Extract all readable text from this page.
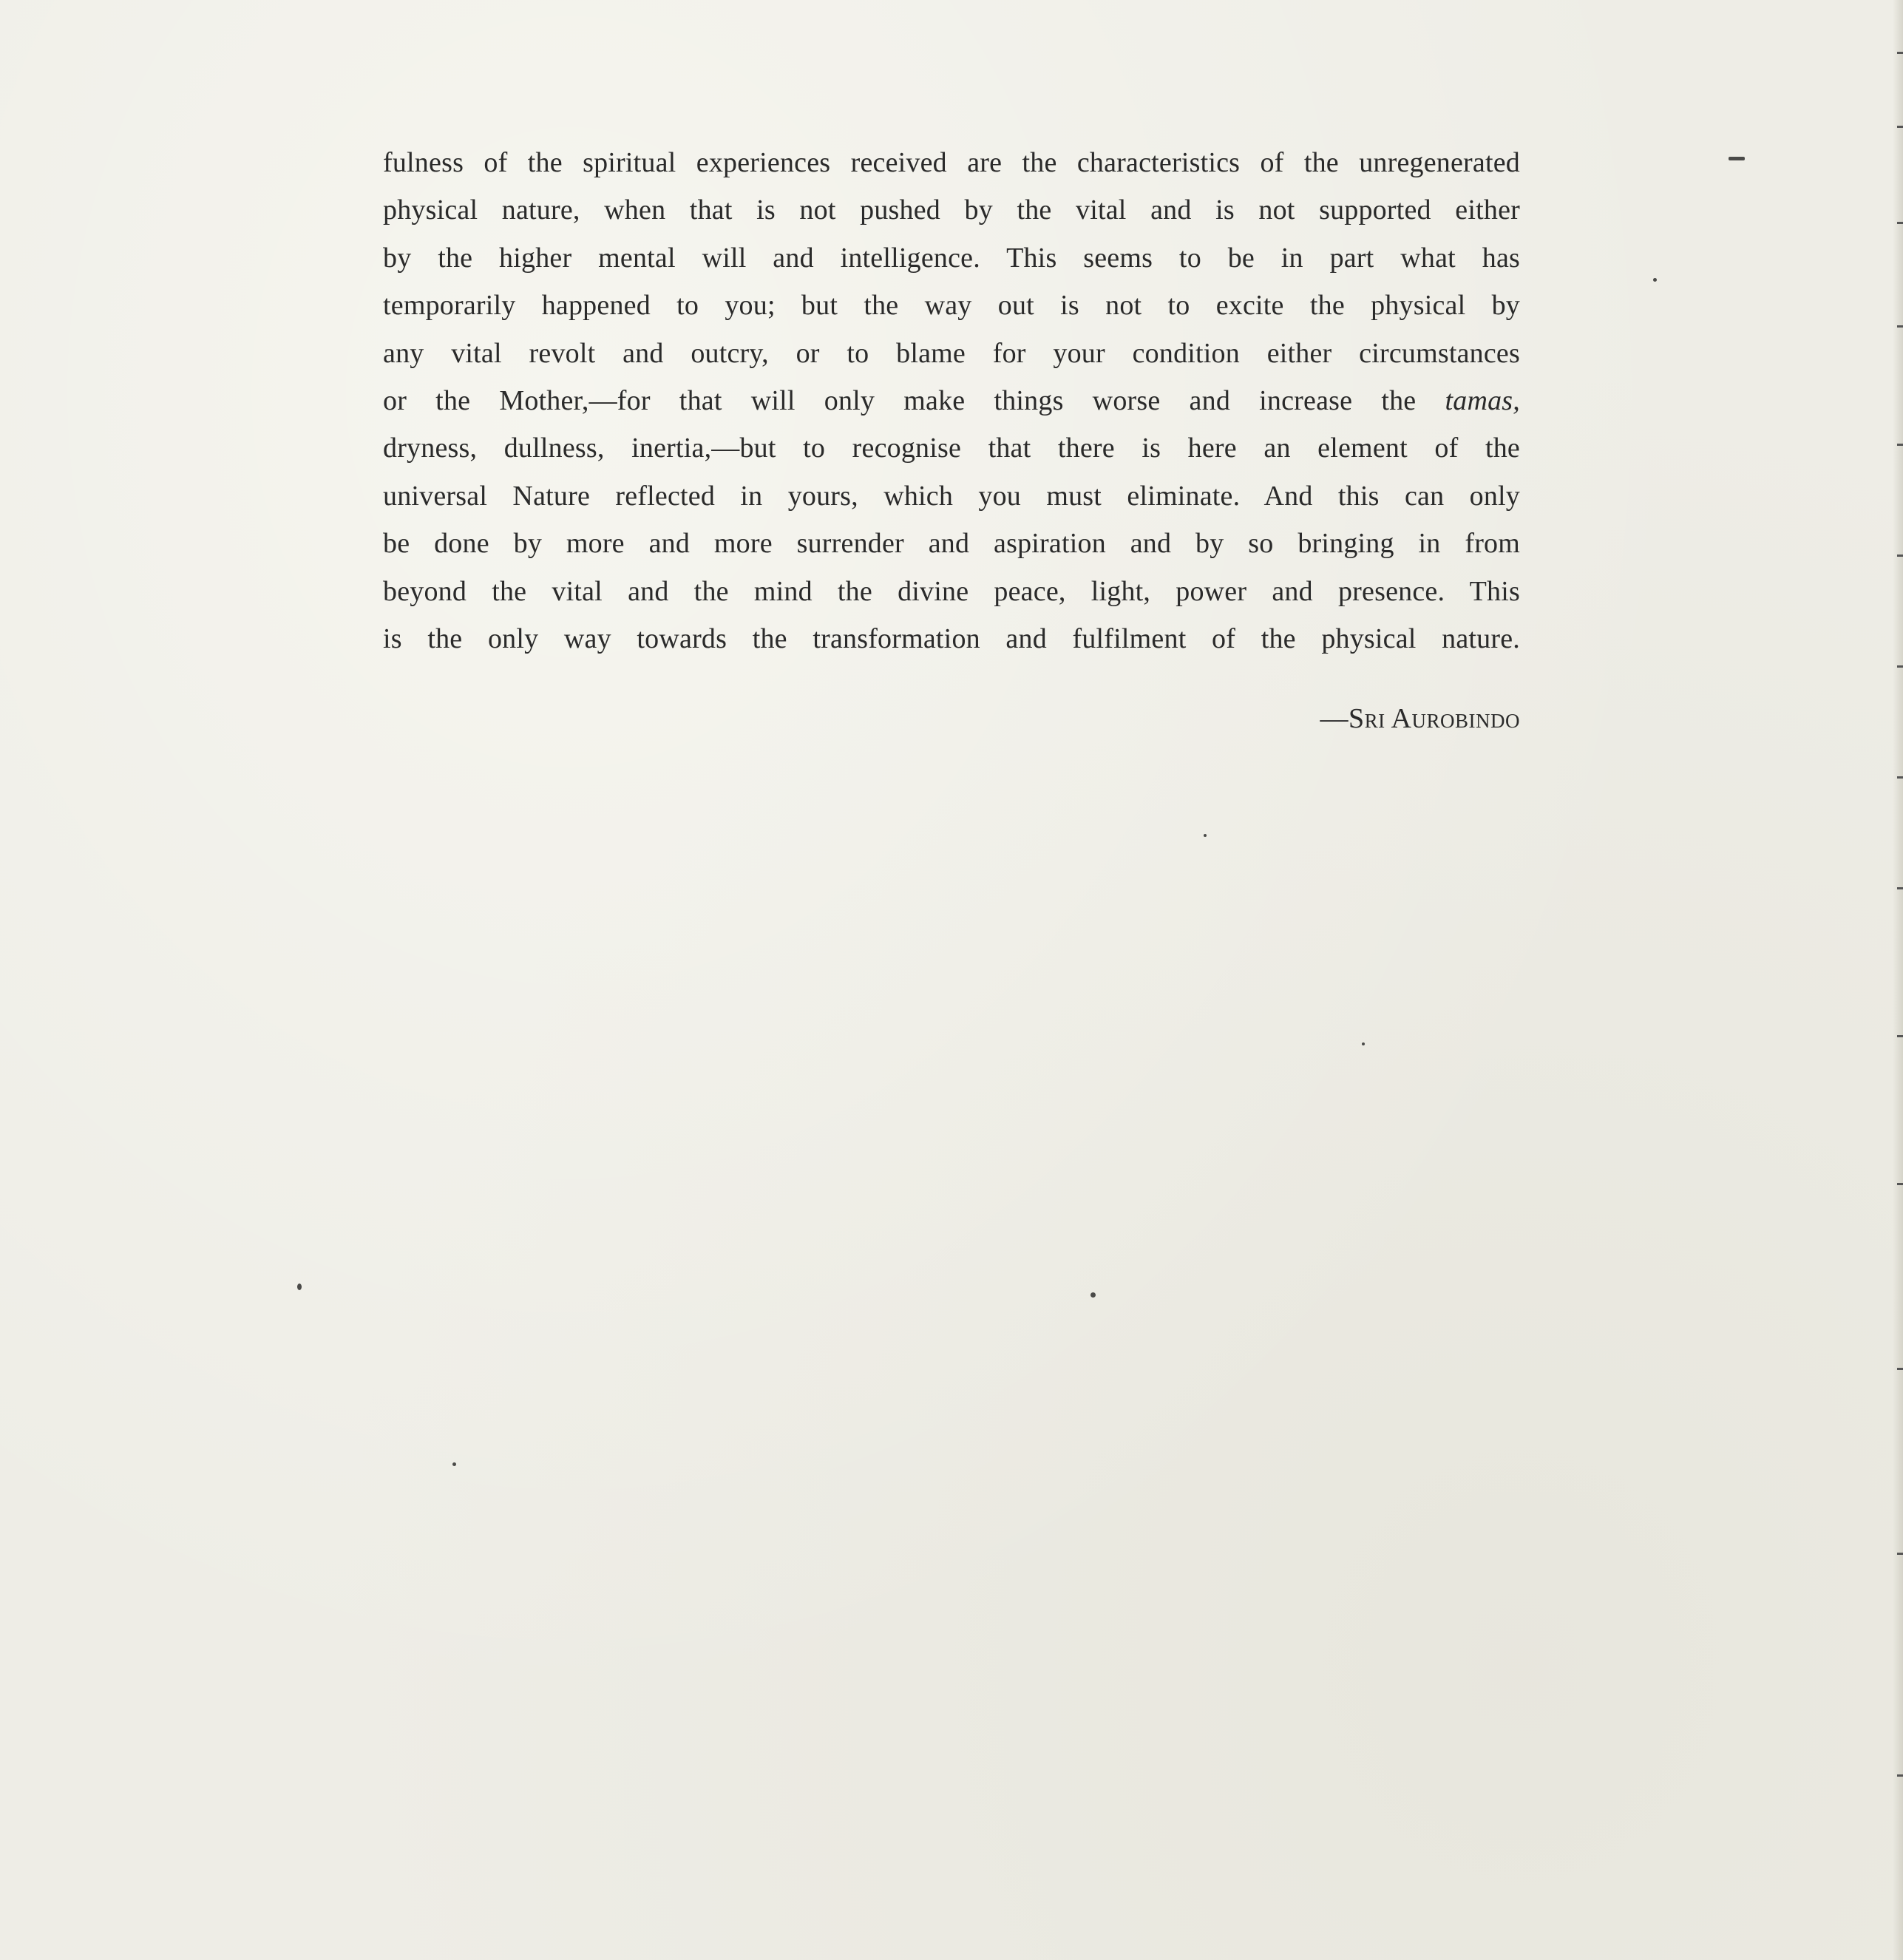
fulness of the spiritual experiences received are the characteristics of the unregenerated
physical nature, when that is not pushed by the vital and is not supported either
by the higher mental will and intelligence. This seems to be in part what has
temporarily happened to you; but the way out is not to excite the physical by
any vital revolt and outcry, or to blame for your condition either circumstances
or the Mother,—for that will only make things worse and increase the tamas,
dryness, dullness, inertia,—but to recognise that there is here an element of the
universal Nature reflected in yours, which you must eliminate. And this can only
be done by more and more surrender and aspiration and by so bringing in from
beyond the vital and the mind the divine peace, light, power and presence. This
is the only way towards the transformation and fulfilment of the physical nature.
—Sri Aurobindo
